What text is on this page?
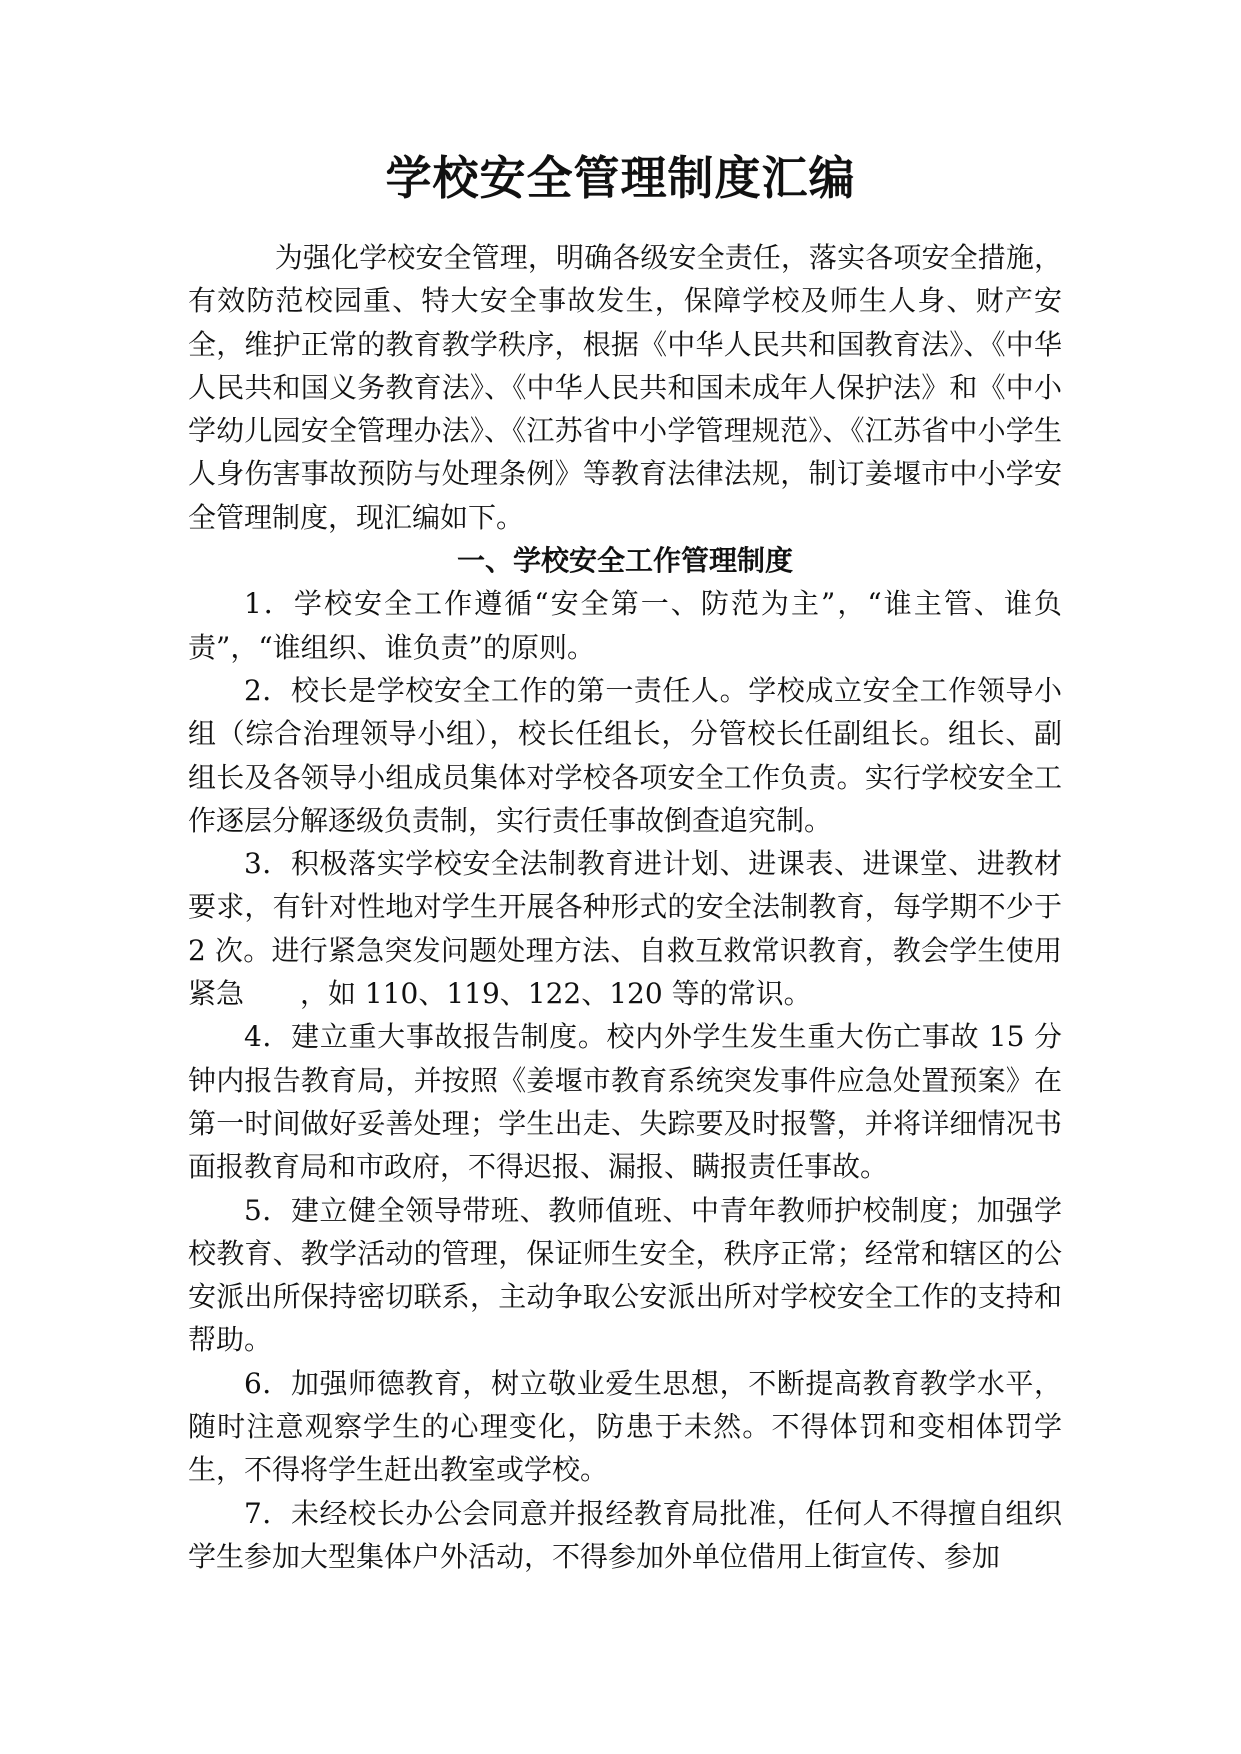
学校安全管理制度汇编

为强化学校安全管理，明确各级安全责任，落实各项安全措施，有效防范校园重、特大安全事故发生，保障学校及师生人身、财产安全，维护正常的教育教学秩序，根据《中华人民共和国教育法》、《中华人民共和国义务教育法》、《中华人民共和国未成年人保护法》和《中小学幼儿园安全管理办法》、《江苏省中小学管理规范》、《江苏省中小学生人身伤害事故预防与处理条例》等教育法律法规，制订姜堰市中小学安全管理制度，现汇编如下。

一、学校安全工作管理制度

1．学校安全工作遵循“安全第一、防范为主”，“谁主管、谁负责”，“谁组织、谁负责”的原则。

2．校长是学校安全工作的第一责任人。学校成立安全工作领导小组（综合治理领导小组），校长任组长，分管校长任副组长。组长、副组长及各领导小组成员集体对学校各项安全工作负责。实行学校安全工作逐层分解逐级负责制，实行责任事故倒查追究制。

3．积极落实学校安全法制教育进计划、进课表、进课堂、进教材要求，有针对性地对学生开展各种形式的安全法制教育，每学期不少于 2 次。进行紧急突发问题处理方法、自救互救常识教育，教会学生使用紧急　　，如 110、119、122、120 等的常识。

4．建立重大事故报告制度。校内外学生发生重大伤亡事故 15 分钟内报告教育局，并按照《姜堰市教育系统突发事件应急处置预案》在第一时间做好妥善处理；学生出走、失踪要及时报警，并将详细情况书面报教育局和市政府，不得迟报、漏报、瞒报责任事故。

5．建立健全领导带班、教师值班、中青年教师护校制度；加强学校教育、教学活动的管理，保证师生安全，秩序正常；经常和辖区的公安派出所保持密切联系，主动争取公安派出所对学校安全工作的支持和帮助。

6．加强师德教育，树立敬业爱生思想，不断提高教育教学水平，随时注意观察学生的心理变化，防患于未然。不得体罚和变相体罚学生，不得将学生赶出教室或学校。

7．未经校长办公会同意并报经教育局批准，任何人不得擅自组织学生参加大型集体户外活动，不得参加外单位借用上街宣传、参加
